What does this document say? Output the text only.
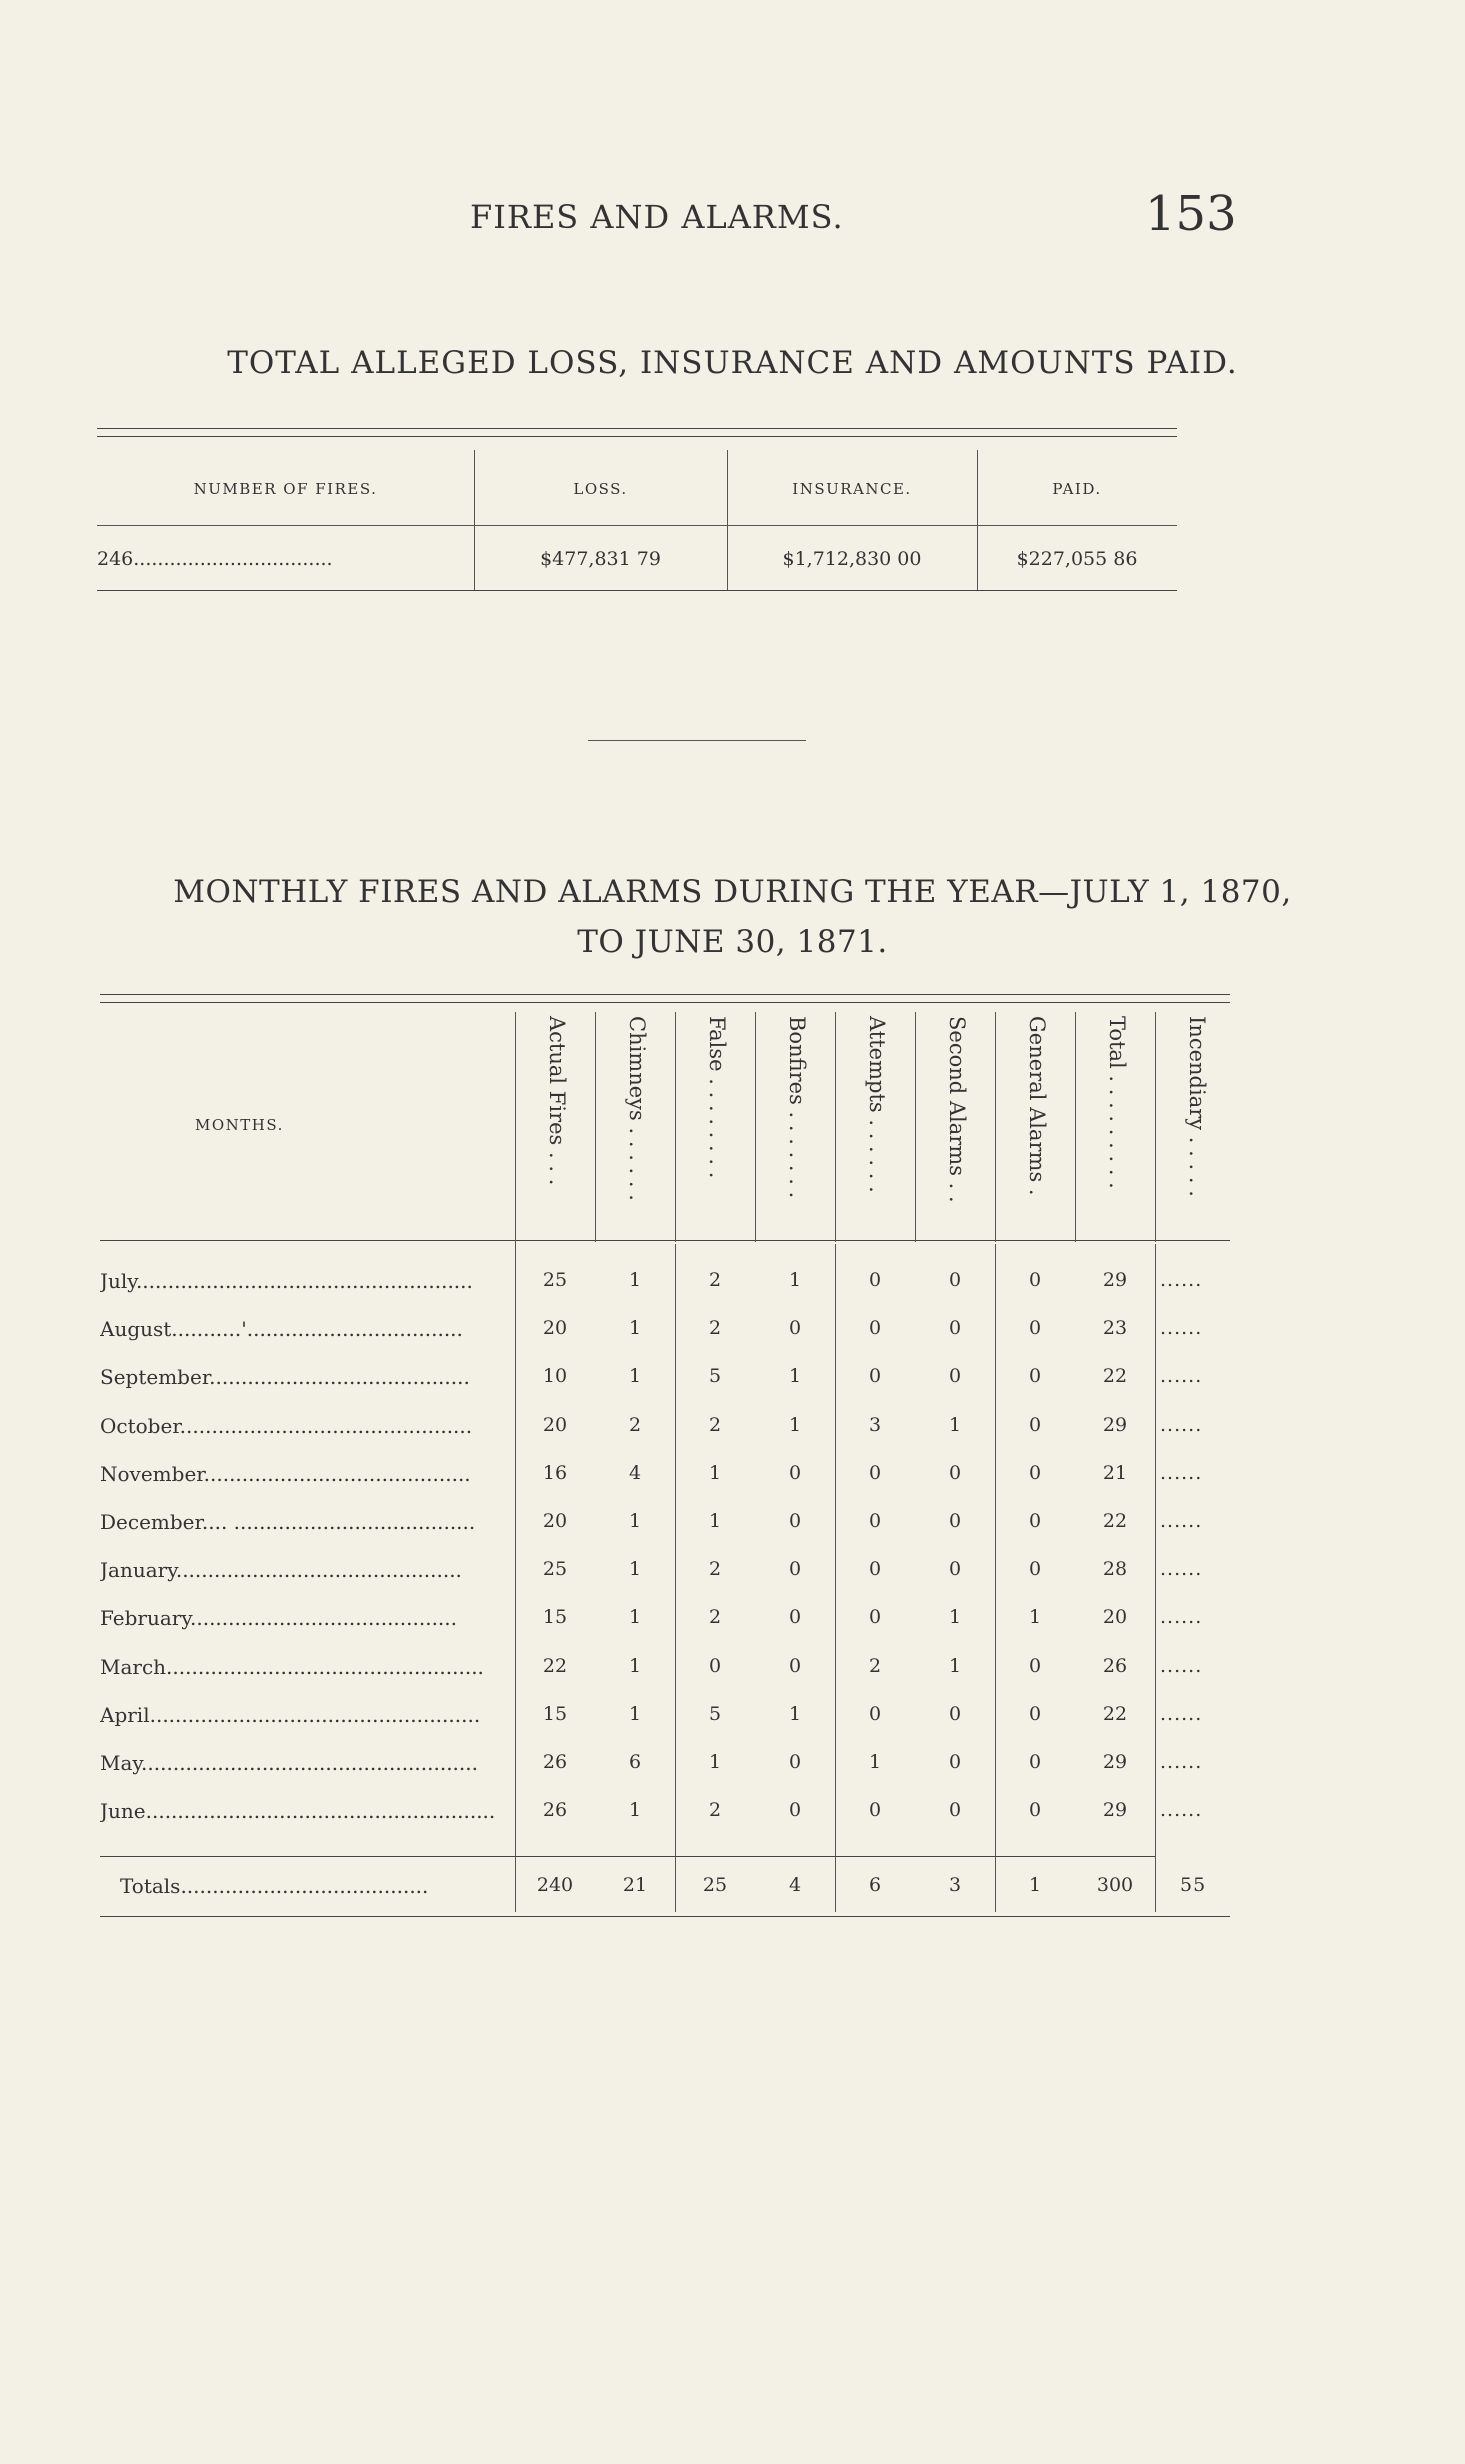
FIRES AND ALARMS.	153
TOTAL ALLEGED LOSS, INSURANCE AND AMOUNTS PAID.
NUMBER OF FIRES.	LOSS.	INSURANCE.	PAID.
246.................................	$477,831 79	$1,712,830 00	$227,055 86
MONTHLY FIRES AND ALARMS DURING THE YEAR—JULY 1, 1870,
TO JUNE 30, 1871.
MONTHS.	Actual Fires . . .	Chimneys . . . . . .	False . . . . . . . .	Bonfires . . . . . . .	Attempts . . . . . .	Second Alarms . .	General Alarms .	Total . . . . . . . . .	Incendiary . . . . .
July.....................................................	25	1	2	1	0	0	0	29	......
August...........'..................................	20	1	2	0	0	0	0	23	......
September.........................................	10	1	5	1	0	0	0	22	......
October..............................................	20	2	2	1	3	1	0	29	......
November..........................................	16	4	1	0	0	0	0	21	......
December.... ......................................	20	1	1	0	0	0	0	22	......
January.............................................	25	1	2	0	0	0	0	28	......
February..........................................	15	1	2	0	0	1	1	20	......
March..................................................	22	1	0	0	2	1	0	26	......
April....................................................	15	1	5	1	0	0	0	22	......
May.....................................................	26	6	1	0	1	0	0	29	......
June.......................................................	26	1	2	0	0	0	0	29	......
Totals.......................................	240	21	25	4	6	3	1	300	55
